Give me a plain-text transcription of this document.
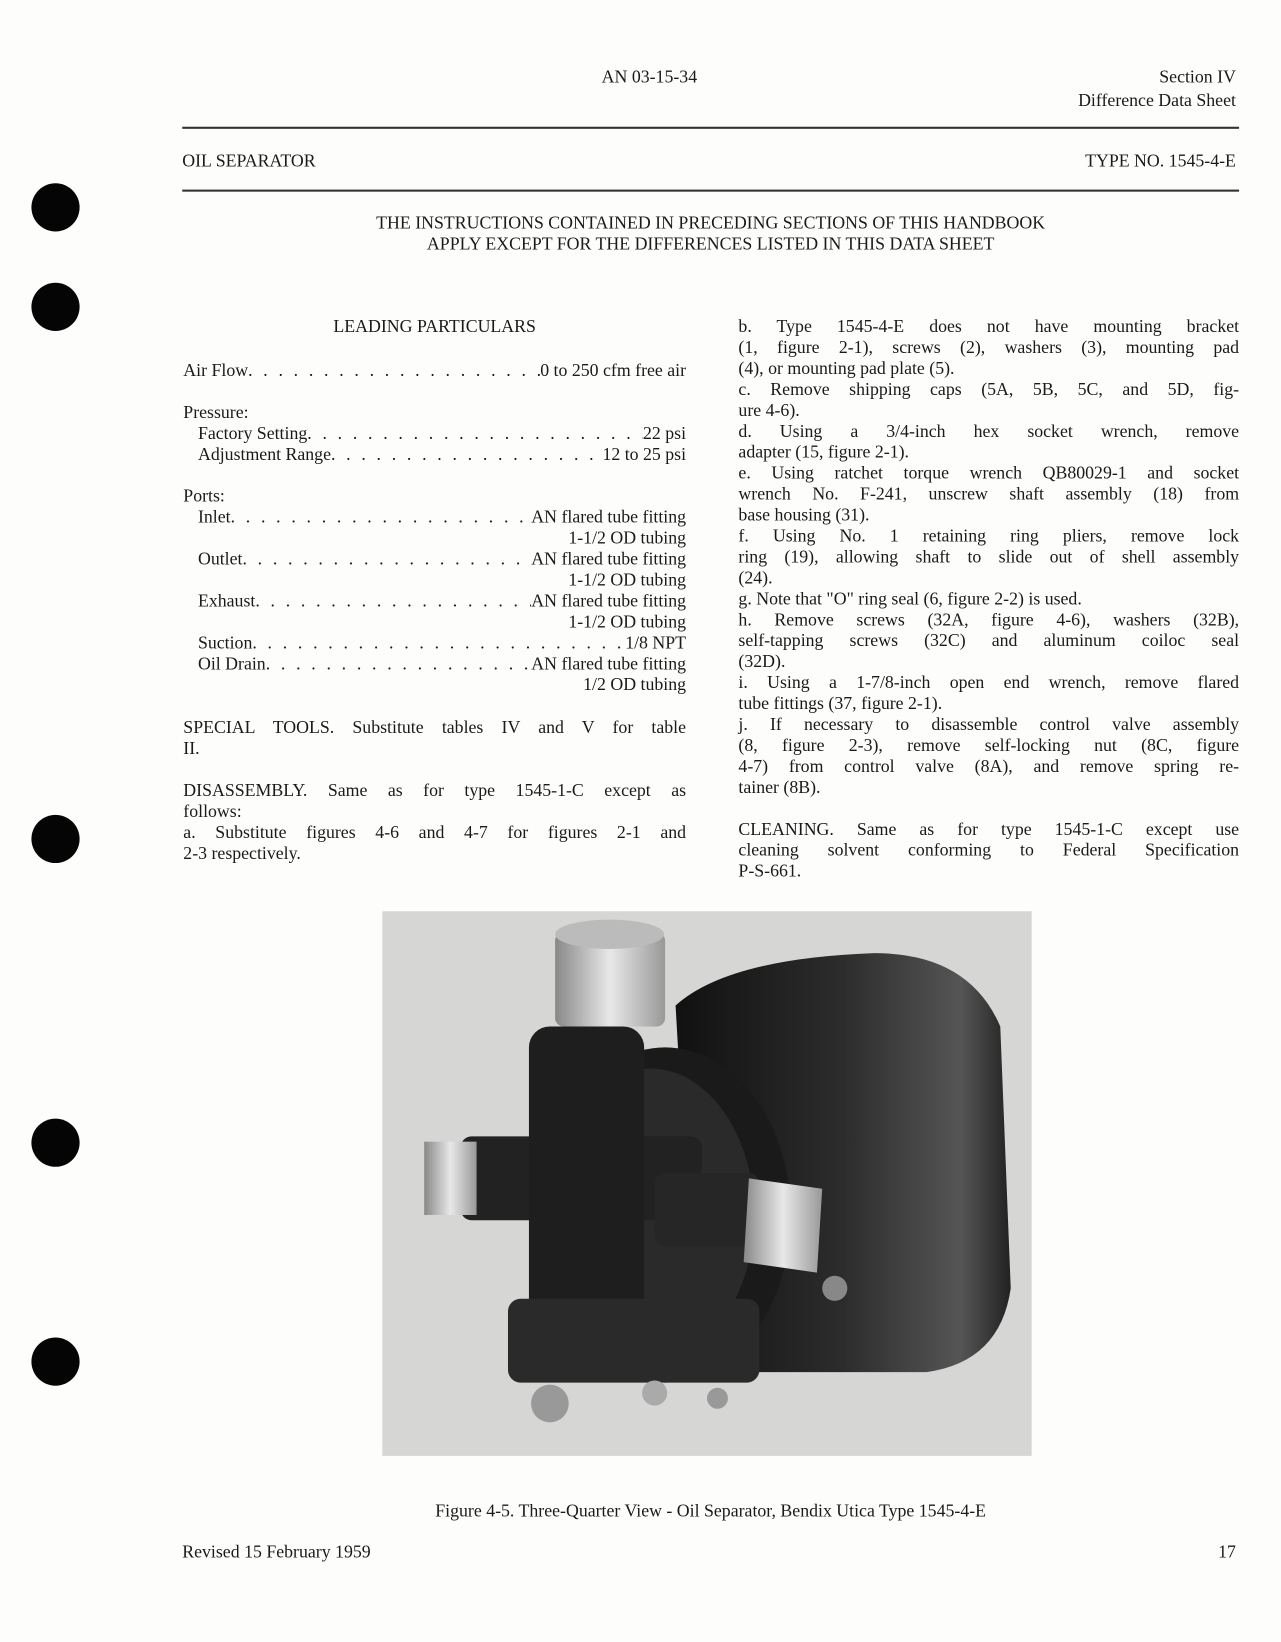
AN 03-15-34	Section IV
Difference Data Sheet
OIL SEPARATOR	TYPE NO. 1545-4-E
THE INSTRUCTIONS CONTAINED IN PRECEDING SECTIONS OF THIS HANDBOOK
APPLY EXCEPT FOR THE DIFFERENCES LISTED IN THIS DATA SHEET
LEADING PARTICULARS
Air Flow . . .	0 to 250 cfm free air
Pressure:
Factory Setting . . .	22 psi
Adjustment Range . . .	12 to 25 psi
Ports:
Inlet . . .	AN flared tube fitting
1-1/2 OD tubing
Outlet . . .	AN flared tube fitting
1-1/2 OD tubing
Exhaust . . .	AN flared tube fitting
1-1/2 OD tubing
Suction . . .	1/8 NPT
Oil Drain . . .	AN flared tube fitting
1/2 OD tubing
SPECIAL TOOLS. Substitute tables IV and V for table
II.
DISASSEMBLY. Same as for type 1545-1-C except as
follows:
a. Substitute figures 4-6 and 4-7 for figures 2-1 and
2-3 respectively.
b. Type 1545-4-E does not have mounting bracket
(1, figure 2-1), screws (2), washers (3), mounting pad
(4), or mounting pad plate (5).
c. Remove shipping caps (5A, 5B, 5C, and 5D, fig-
ure 4-6).
d. Using a 3/4-inch hex socket wrench, remove
adapter (15, figure 2-1).
e. Using ratchet torque wrench QB80029-1 and socket
wrench No. F-241, unscrew shaft assembly (18) from
base housing (31).
f. Using No. 1 retaining ring pliers, remove lock
ring (19), allowing shaft to slide out of shell assembly
(24).
g. Note that "O" ring seal (6, figure 2-2) is used.
h. Remove screws (32A, figure 4-6), washers (32B),
self-tapping screws (32C) and aluminum coiloc seal
(32D).
i. Using a 1-7/8-inch open end wrench, remove flared
tube fittings (37, figure 2-1).
j. If necessary to disassemble control valve assembly
(8, figure 2-3), remove self-locking nut (8C, figure
4-7) from control valve (8A), and remove spring re-
tainer (8B).
CLEANING. Same as for type 1545-1-C except use
cleaning solvent conforming to Federal Specification
P-S-661.
Figure 4-5. Three-Quarter View - Oil Separator, Bendix Utica Type 1545-4-E
Revised 15 February 1959	17
